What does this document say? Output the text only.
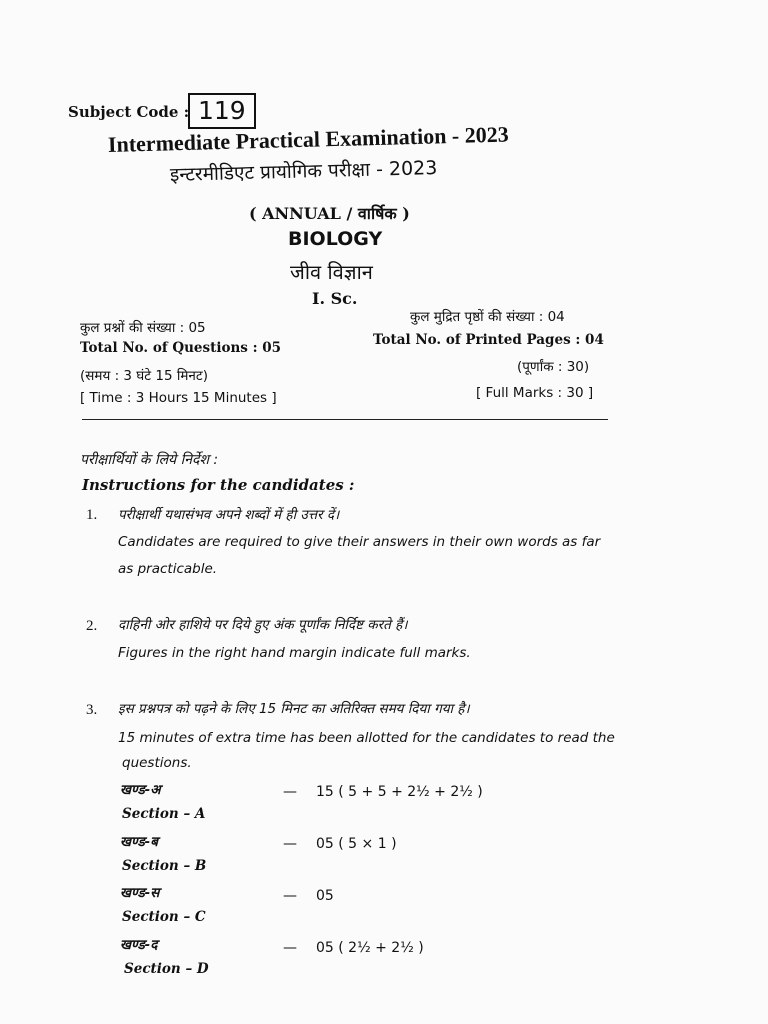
Subject Code : 119
Intermediate Practical Examination - 2023
इन्टरमीडिएट प्रायोगिक परीक्षा - 2023
( ANNUAL / वार्षिक )
BIOLOGY
जीव विज्ञान
I. Sc.
कुल प्रश्नों की संख्या : 05
Total No. of Questions : 05
(समय : 3 घंटे 15 मिनट)
[ Time : 3 Hours 15 Minutes ]
कुल मुद्रित पृष्ठों की संख्या : 04
Total No. of Printed Pages : 04
(पूर्णांक : 30)
[ Full Marks : 30 ]
परीक्षार्थियों के लिये निर्देश :
Instructions for the candidates :
1. परीक्षार्थी यथासंभव अपने शब्दों में ही उत्तर दें।
Candidates are required to give their answers in their own words as far
as practicable.
2. दाहिनी ओर हाशिये पर दिये हुए अंक पूर्णांक निर्दिष्ट करते हैं।
Figures in the right hand margin indicate full marks.
3. इस प्रश्नपत्र को पढ़ने के लिए 15 मिनट का अतिरिक्त समय दिया गया है।
15 minutes of extra time has been allotted for the candidates to read the
questions.
खण्ड-अ
Section – A
— 15 ( 5 + 5 + 2½ + 2½ )
खण्ड-ब
Section – B
— 05 ( 5 × 1 )
खण्ड-स
Section – C
— 05
खण्ड-द
Section – D
— 05 ( 2½ + 2½ )
